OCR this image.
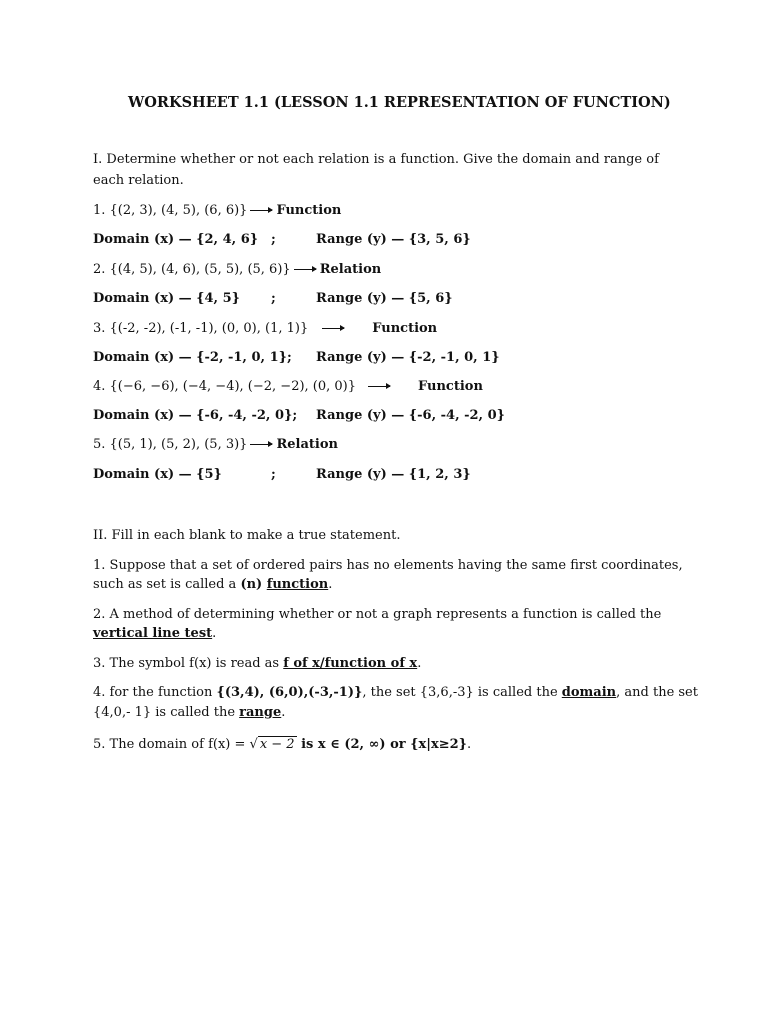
WORKSHEET 1.1 (LESSON 1.1 REPRESENTATION OF FUNCTION)
I. Determine whether or not each relation is a function. Give the domain and range of
each relation.
1. {(2, 3), (4, 5), (6, 6)} Function
Domain (x) — {2, 4, 6} ;	Range (y) — {3, 5, 6}
2. {(4, 5), (4, 6), (5, 5), (5, 6)} Relation
Domain (x) — {4, 5} ;	Range (y) — {5, 6}
3. {(-2, -2), (-1, -1), (0, 0), (1, 1)}	Function
Domain (x) — {-2, -1, 0, 1}; Range (y) — {-2, -1, 0, 1}
4. {(−6, −6), (−4, −4), (−2, −2), (0, 0)}	Function
Domain (x) — {-6, -4, -2, 0}; Range (y) — {-6, -4, -2, 0}
5. {(5, 1), (5, 2), (5, 3)} Relation
Domain (x) — {5}	;	Range (y) — {1, 2, 3}
II. Fill in each blank to make a true statement.
1. Suppose that a set of ordered pairs has no elements having the same first coordinates,
such as set is called a (n) function.
2. A method of determining whether or not a graph represents a function is called the
vertical line test.
3. The symbol f(x) is read as f of x/function of x.
4. for the function {(3,4), (6,0),(-3,-1)}, the set {3,6,-3} is called the domain, and the set
{4,0,- 1} is called the range.
5. The domain of f(x) = √ x − 2 is x ∈ (2, ∞) or {x|x≥2}.
